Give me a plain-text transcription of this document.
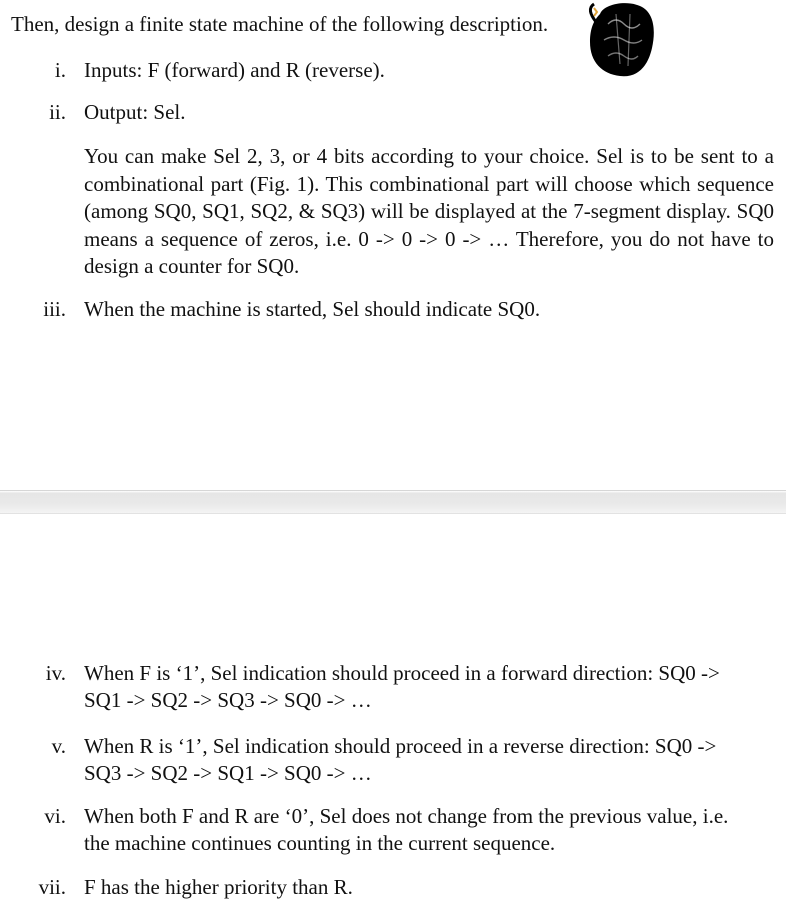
Then, design a finite state machine of the following description.
i. Inputs: F (forward) and R (reverse).
ii. Output: Sel.
You can make Sel 2, 3, or 4 bits according to your choice. Sel is to be sent to a combinational part (Fig. 1). This combinational part will choose which sequence (among SQ0, SQ1, SQ2, & SQ3) will be displayed at the 7-segment display. SQ0 means a sequence of zeros, i.e. 0 -> 0 -> 0 -> … Therefore, you do not have to design a counter for SQ0.
iii. When the machine is started, Sel should indicate SQ0.
iv. When F is ‘1’, Sel indication should proceed in a forward direction: SQ0 ->
SQ1 -> SQ2 -> SQ3 -> SQ0 -> …
v. When R is ‘1’, Sel indication should proceed in a reverse direction: SQ0 ->
SQ3 -> SQ2 -> SQ1 -> SQ0 -> …
vi. When both F and R are ‘0’, Sel does not change from the previous value, i.e.
the machine continues counting in the current sequence.
vii. F has the higher priority than R.
